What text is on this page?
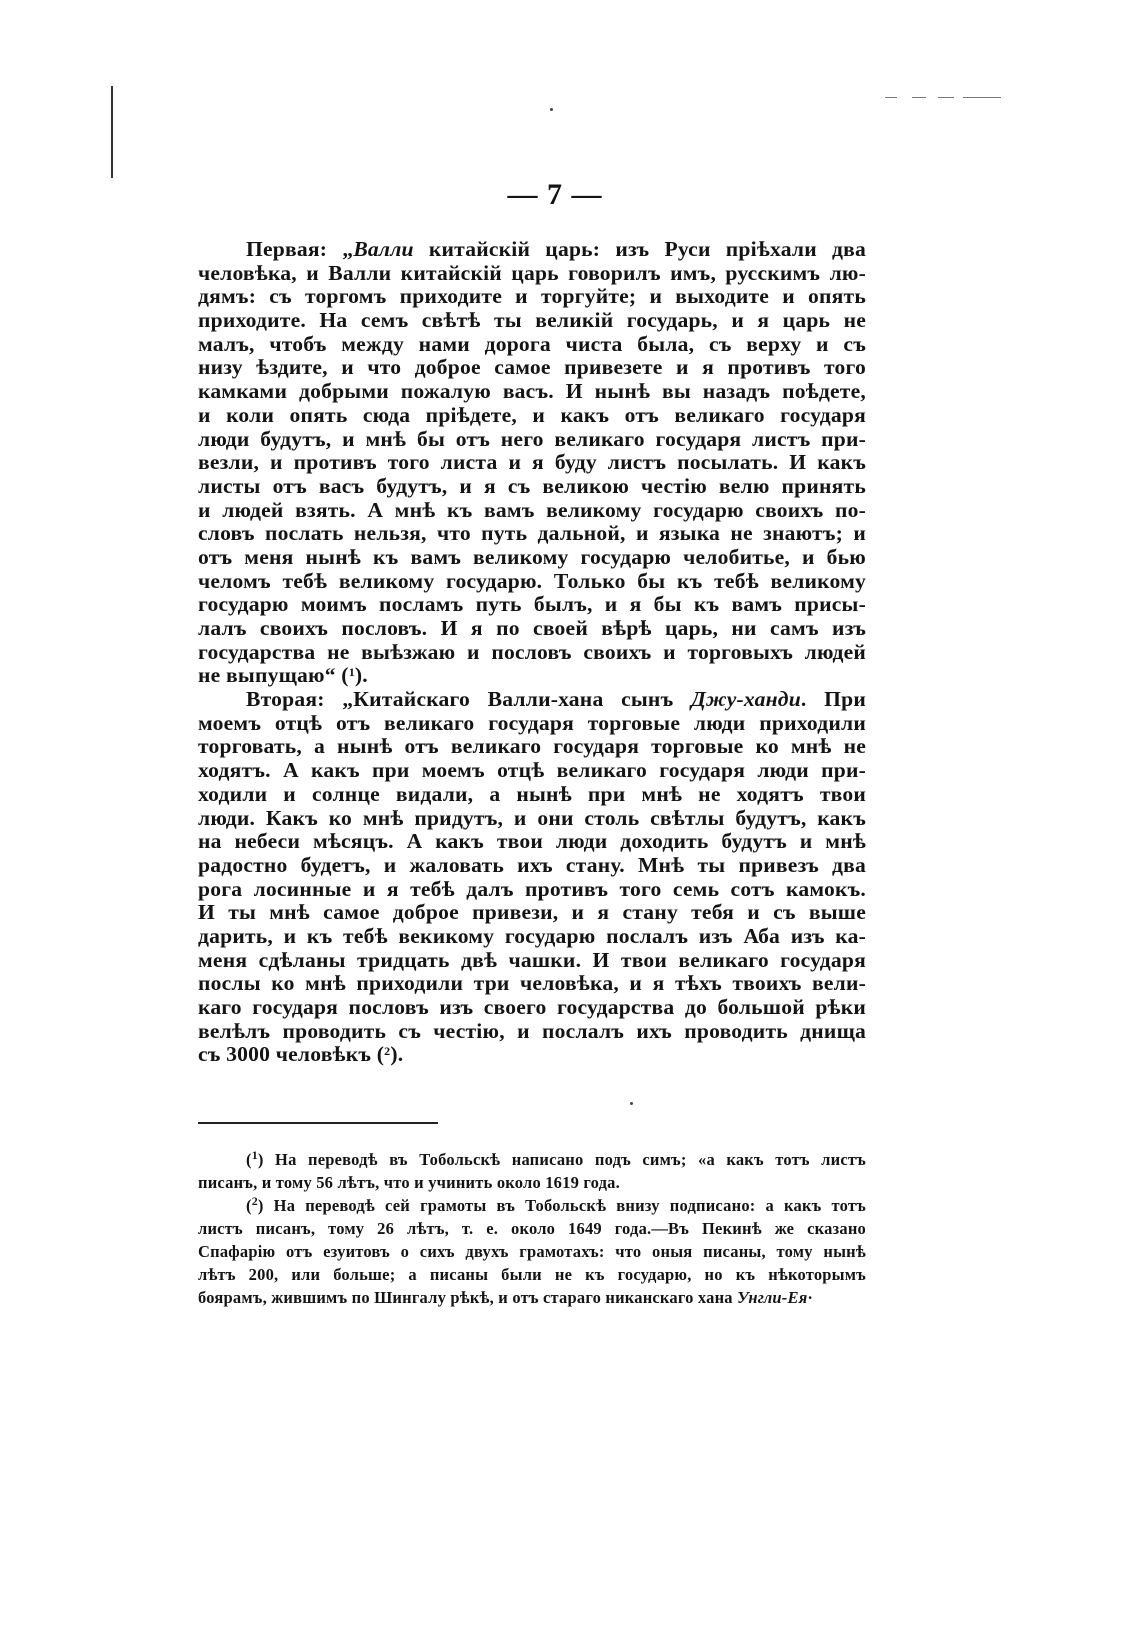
— 7 —
Первая: „Валли китайскій царь: изъ Руси пріѣхали два
человѣка, и Валли китайскій царь говорилъ имъ, русскимъ лю-
дямъ: съ торгомъ приходите и торгуйте; и выходите и опять
приходите. На семъ свѣтѣ ты великій государь, и я царь не
малъ, чтобъ между нами дорога чиста была, съ верху и съ
низу ѣздите, и что доброе самое привезете и я противъ того
камками добрыми пожалую васъ. И нынѣ вы назадъ поѣдете,
и коли опять сюда пріѣдете, и какъ отъ великаго государя
люди будутъ, и мнѣ бы отъ него великаго государя листъ при-
везли, и противъ того листа и я буду листъ посылать. И какъ
листы отъ васъ будутъ, и я съ великою честію велю принять
и людей взять. А мнѣ къ вамъ великому государю своихъ по-
словъ послать нельзя, что путь дальной, и языка не знаютъ; и
отъ меня нынѣ къ вамъ великому государю челобитье, и бью
челомъ тебѣ великому государю. Только бы къ тебѣ великому
государю моимъ посламъ путь былъ, и я бы къ вамъ присы-
лалъ своихъ пословъ. И я по своей вѣрѣ царь, ни самъ изъ
государства не выѣзжаю и пословъ своихъ и торговыхъ людей
не выпущаю“ ($^1$).
Вторая: „Китайскаго Валли-хана сынъ Джу-ханди. При
моемъ отцѣ отъ великаго государя торговые люди приходили
торговать, а нынѣ отъ великаго государя торговые ко мнѣ не
ходятъ. А какъ при моемъ отцѣ великаго государя люди при-
ходили и солнце видали, а нынѣ при мнѣ не ходятъ твои
люди. Какъ ко мнѣ придутъ, и они столь свѣтлы будутъ, какъ
на небеси мѣсяцъ. А какъ твои люди доходить будутъ и мнѣ
радостно будетъ, и жаловать ихъ стану. Мнѣ ты привезъ два
рога лосинные и я тебѣ далъ противъ того семь сотъ камокъ.
И ты мнѣ самое доброе привези, и я стану тебя и съ выше
дарить, и къ тебѣ векикому государю послалъ изъ Аба изъ ка-
меня сдѣланы тридцать двѣ чашки. И твои великаго государя
послы ко мнѣ приходили три человѣка, и я тѣхъ твоихъ вели-
каго государя пословъ изъ своего государства до большой рѣки
велѣлъ проводить съ честію, и послалъ ихъ проводить днища
съ 3000 человѣкъ ($^2$).
($^1$) На переводѣ въ Тобольскѣ написано подъ симъ; «а какъ тотъ листъ
писанъ, и тому 56 лѣтъ, что и учинить около 1619 года.
($^2$) На переводѣ сей грамоты въ Тобольскѣ внизу подписано: а какъ тотъ
листъ писанъ, тому 26 лѣтъ, т. е. около 1649 года.—Въ Пекинѣ же сказано
Спафарію отъ езуитовъ о сихъ двухъ грамотахъ: что оныя писаны, тому нынѣ
лѣтъ 200, или больше; а писаны были не къ государю, но къ нѣкоторымъ
боярамъ, жившимъ по Шингалу рѣкѣ, и отъ стараго никанскаго хана Унгли-Ея·
